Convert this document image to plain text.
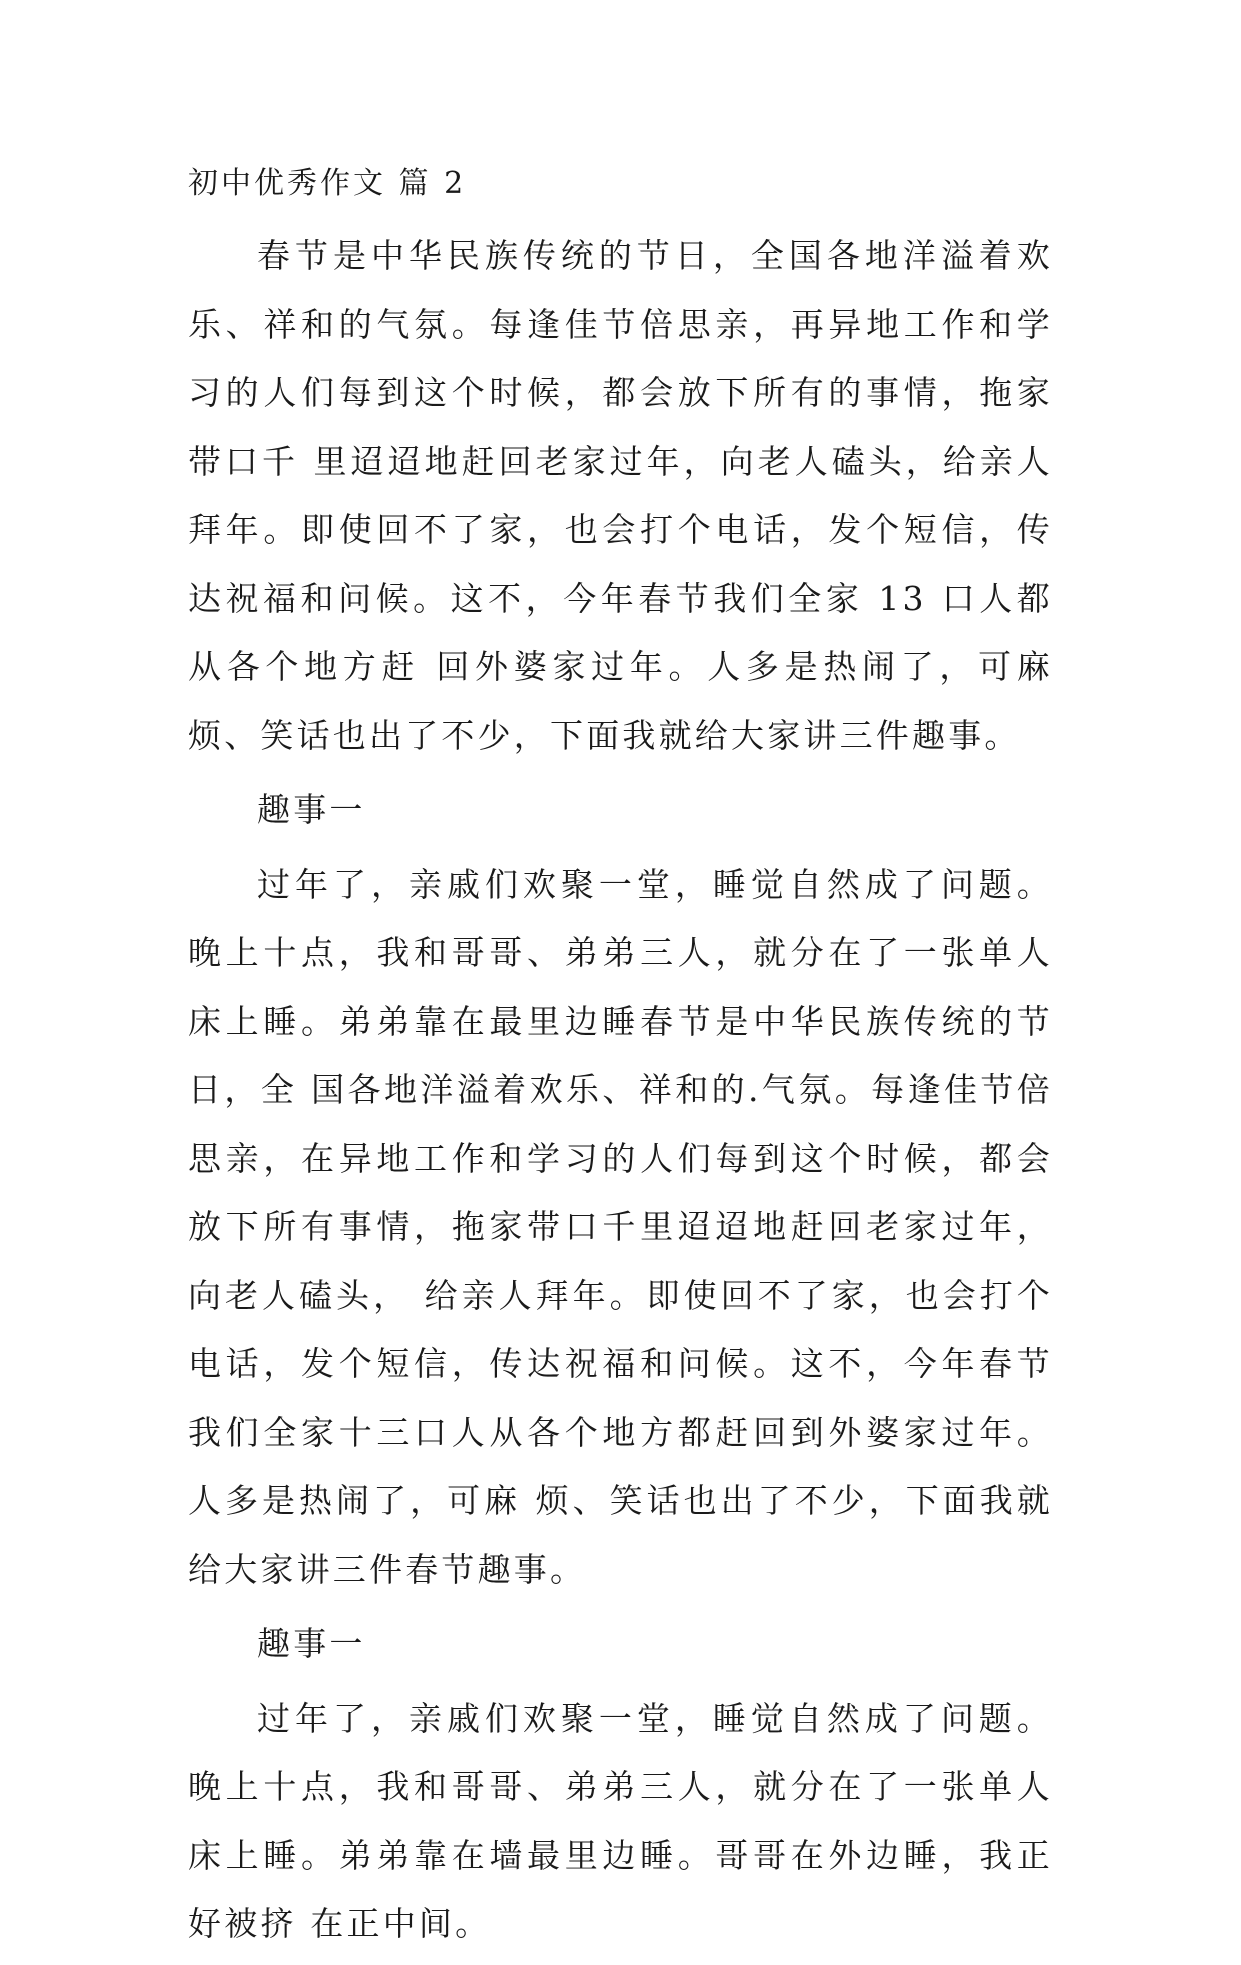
初中优秀作文 篇 2

春节是中华民族传统的节日，全国各地洋溢着欢乐、祥和的气氛。每逢佳节倍思亲，再异地工作和学习的人们每到这个时候，都会放下所有的事情，拖家带口千 里迢迢地赶回老家过年，向老人磕头，给亲人拜年。即使回不了家，也会打个电话，发个短信，传达祝福和问候。这不，今年春节我们全家 13 口人都从各个地方赶 回外婆家过年。人多是热闹了，可麻烦、笑话也出了不少，下面我就给大家讲三件趣事。

趣事一

过年了，亲戚们欢聚一堂，睡觉自然成了问题。晚上十点，我和哥哥、弟弟三人，就分在了一张单人床上睡。弟弟靠在最里边睡春节是中华民族传统的节日，全 国各地洋溢着欢乐、祥和的.气氛。每逢佳节倍思亲，在异地工作和学习的人们每到这个时候，都会放下所有事情，拖家带口千里迢迢地赶回老家过年，向老人磕头， 给亲人拜年。即使回不了家，也会打个电话，发个短信，传达祝福和问候。这不，今年春节我们全家十三口人从各个地方都赶回到外婆家过年。人多是热闹了，可麻 烦、笑话也出了不少，下面我就给大家讲三件春节趣事。

趣事一

过年了，亲戚们欢聚一堂，睡觉自然成了问题。晚上十点，我和哥哥、弟弟三人，就分在了一张单人床上睡。弟弟靠在墙最里边睡。哥哥在外边睡，我正好被挤 在正中间。
